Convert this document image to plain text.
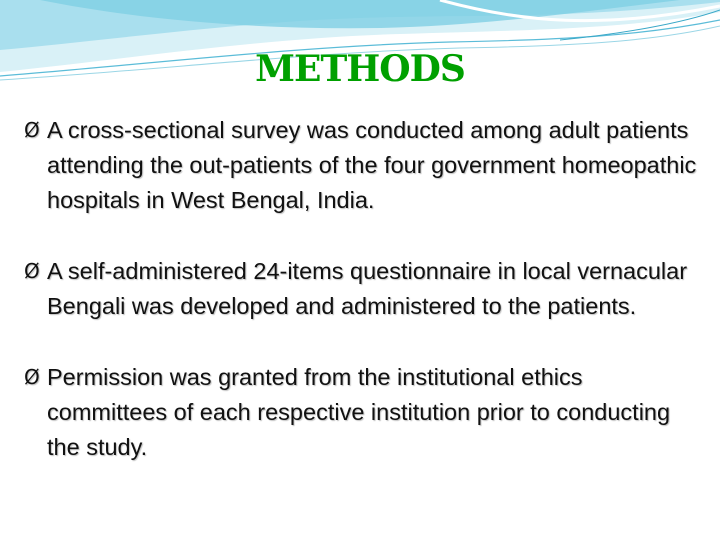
METHODS
Ø A cross-sectional survey was conducted among adult patients attending the out-patients of the four government homeopathic hospitals in West Bengal, India.
Ø A self-administered 24-items questionnaire in local vernacular Bengali was developed and administered to the patients.
Ø Permission was granted from the institutional ethics committees of each respective institution prior to conducting the study.
